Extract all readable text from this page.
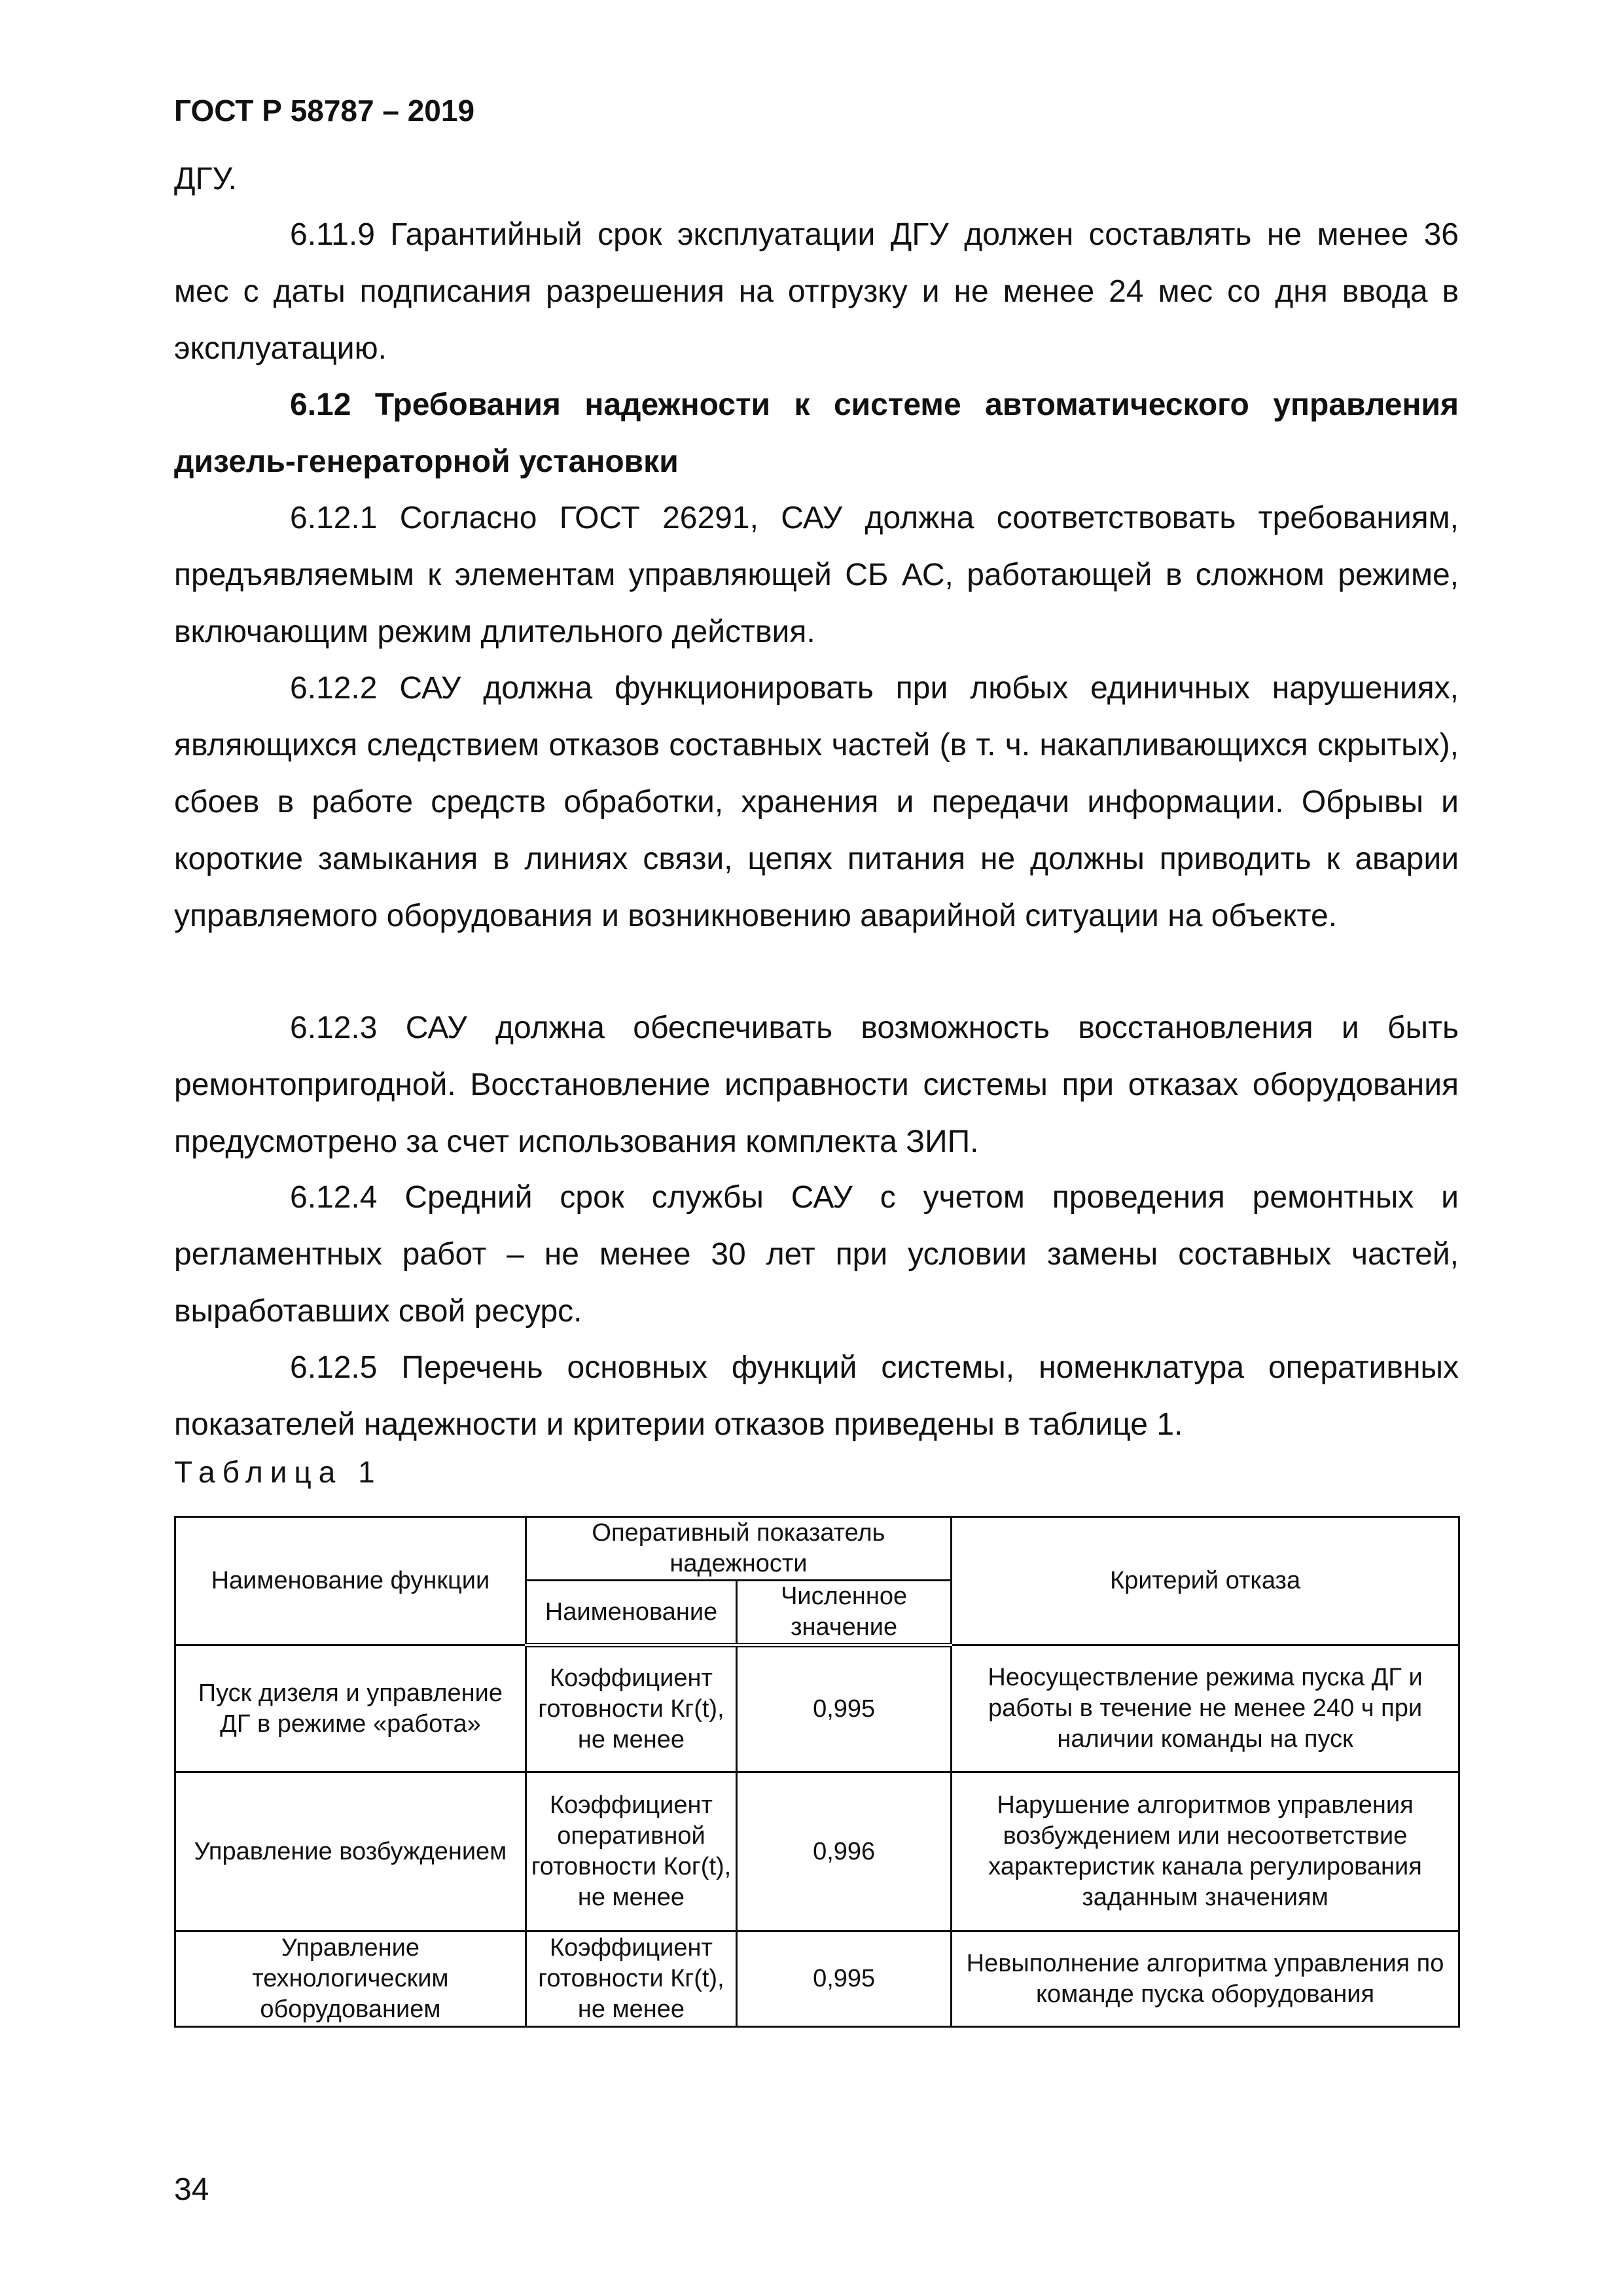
ГОСТ Р 58787 – 2019

ДГУ.

6.11.9 Гарантийный срок эксплуатации ДГУ должен составлять не менее 36 мес с даты подписания разрешения на отгрузку и не менее 24 мес со дня ввода в эксплуатацию.

6.12 Требования надежности к системе автоматического управления дизель-генераторной установки

6.12.1 Согласно ГОСТ 26291, САУ должна соответствовать требованиям, предъявляемым к элементам управляющей СБ АС, работающей в сложном режиме, включающим режим длительного действия.

6.12.2 САУ должна функционировать при любых единичных нарушениях, являющихся следствием отказов составных частей (в т. ч. накапливающихся скрытых), сбоев в работе средств обработки, хранения и передачи информации. Обрывы и короткие замыкания в линиях связи, цепях питания не должны приводить к аварии управляемого оборудования и возникновению аварийной ситуации на объекте.

6.12.3 САУ должна обеспечивать возможность восстановления и быть ремонтопригодной. Восстановление исправности системы при отказах оборудования предусмотрено за счет использования комплекта ЗИП.

6.12.4 Средний срок службы САУ с учетом проведения ремонтных и регламентных работ – не менее 30 лет при условии замены составных частей, выработавших свой ресурс.

6.12.5 Перечень основных функций системы, номенклатура оперативных показателей надежности и критерии отказов приведены в таблице 1.

Таблица 1
Наименование функции	Оперативный показатель надежности		Критерий отказа
	Наименование	Численное значение	
Пуск дизеля и управление ДГ в режиме «работа»	Коэффициент готовности Кг(t), не менее	0,995	Неосуществление режима пуска ДГ и работы в течение не менее 240 ч при наличии команды на пуск
Управление возбуждением	Коэффициент оперативной готовности Ког(t), не менее	0,996	Нарушение алгоритмов управления возбуждением или несоответствие характеристик канала регулирования заданным значениям
Управление технологическим оборудованием	Коэффициент готовности Кг(t), не менее	0,995	Невыполнение алгоритма управления по команде пуска оборудования
34
